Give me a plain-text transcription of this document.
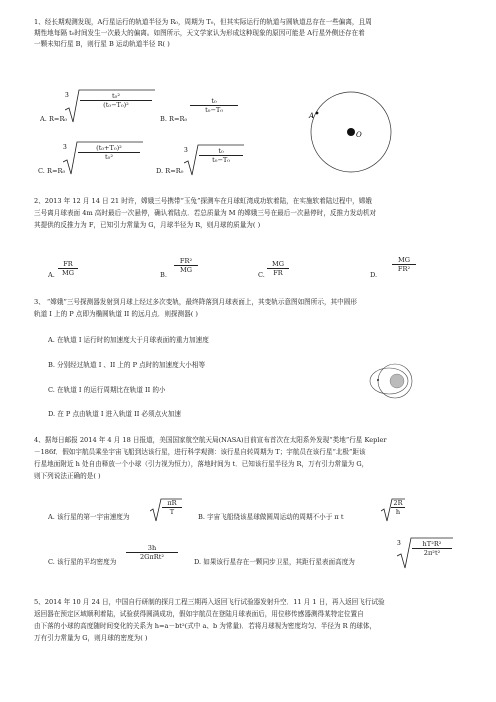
1、经长期观测发现，A行星运行的轨道半径为 R₀，周期为 T₀，但其实际运行的轨道与圆轨道总存在一些偏离，且周
期性地每隔 t₀时间发生一次最大的偏离。如图所示，天文学家认为形成这种现象的原因可能是 A行星外侧还存在着
一颗未知行星 B，则行星 B 运动轨道半径 R( )
A. R=R₀
$3 \frac{\text{t₀²}}{\text{(t₀−T₀)²}}$
B. R=R₀
$\frac{\text{t₀}}{\text{t₀−T₀}}$
C. R=R₀
$3 \frac{\text{(t₀+T₀)²}}{\text{t₀²}}$
D. R=R₀
$3 \frac{\text{t₀}}{\text{t₀−T₀}}$
A
O
2、2013 年 12 月 14 日 21 时许，嫦娥三号携带“玉兔”探测车在月球虹湾成功软着陆，在实施软着陆过程中，嫦娥
三号离月球表面 4m 高时最后一次悬停，确认着陆点．若总质量为 M 的嫦娥三号在最后一次悬停时，反推力发动机对
其提供的反推力为 F，已知引力常量为 G，月球半径为 R，则月球的质量为( )
A. $\frac{FR}{MG}$	B.
$\frac{\text{FR²}}{MG}$
C. $\frac{MG}{FR}$	D.
$\frac{MG}{\text{FR²}}$
3、 “嫦娥”三号探测器发射到月球上经过多次变轨，最终降落到月球表面上，其变轨示意图如图所示，其中圆形
轨道 I 上的 P 点即为椭圆轨道 II 的远月点．则探测器( )
A. 在轨道 I 运行时的加速度大于月球表面的重力加速度
B. 分别经过轨道 I 、II 上的 P 点时的加速度大小相等
C. 在轨道 I 的运行周期比在轨道 II 的小
D. 在 P 点由轨道 I 进入轨道 II 必须点火加速
4、据每日邮报 2014 年 4 月 18 日报道，美国国家航空航天局(NASA)目前宣布首次在太阳系外发现“类地”行星 Kepler
－186f．假如宇航员乘坐宇宙飞船到达该行星，进行科学观测：该行星自转周期为 T；宇航员在该行星“北极”距该
行星地面附近 h 处自由释放一个小球（引力视为恒力），落地时间为 t．已知该行星半径为 R，万有引力常量为 G，
则下列说法正确的是( )
A. 该行星的第一宇宙速度为
$\frac{\pi R}{T}$
B. 宇宙飞船绕该星球做圆周运动的周期不小于 π t
$\frac{2R}{h}$
C. 该行星的平均密度为
3h
2GπRt²
D. 如果该行星存在一颗同步卫星，其距行星表面高度为
$3 \frac{\text{hT²R²}}{\text{2π²t²}}$
5、2014 年 10 月 24 日，中国自行研制的探月工程三期再入返回飞行试验器发射升空．11 月 1 日，再入返回飞行试验
返回器在预定区域顺利着陆，试验获得圆满成功，假如宇航员在登陆月球表面后，用位移传感器测得某特定位置自
由下落的小球的高度随时间变化的关系为 h=a－bt²(式中 a、b 为常量)．若将月球视为密度均匀、半径为 R 的球体，
万有引力常量为 G，则月球的密度为( )
